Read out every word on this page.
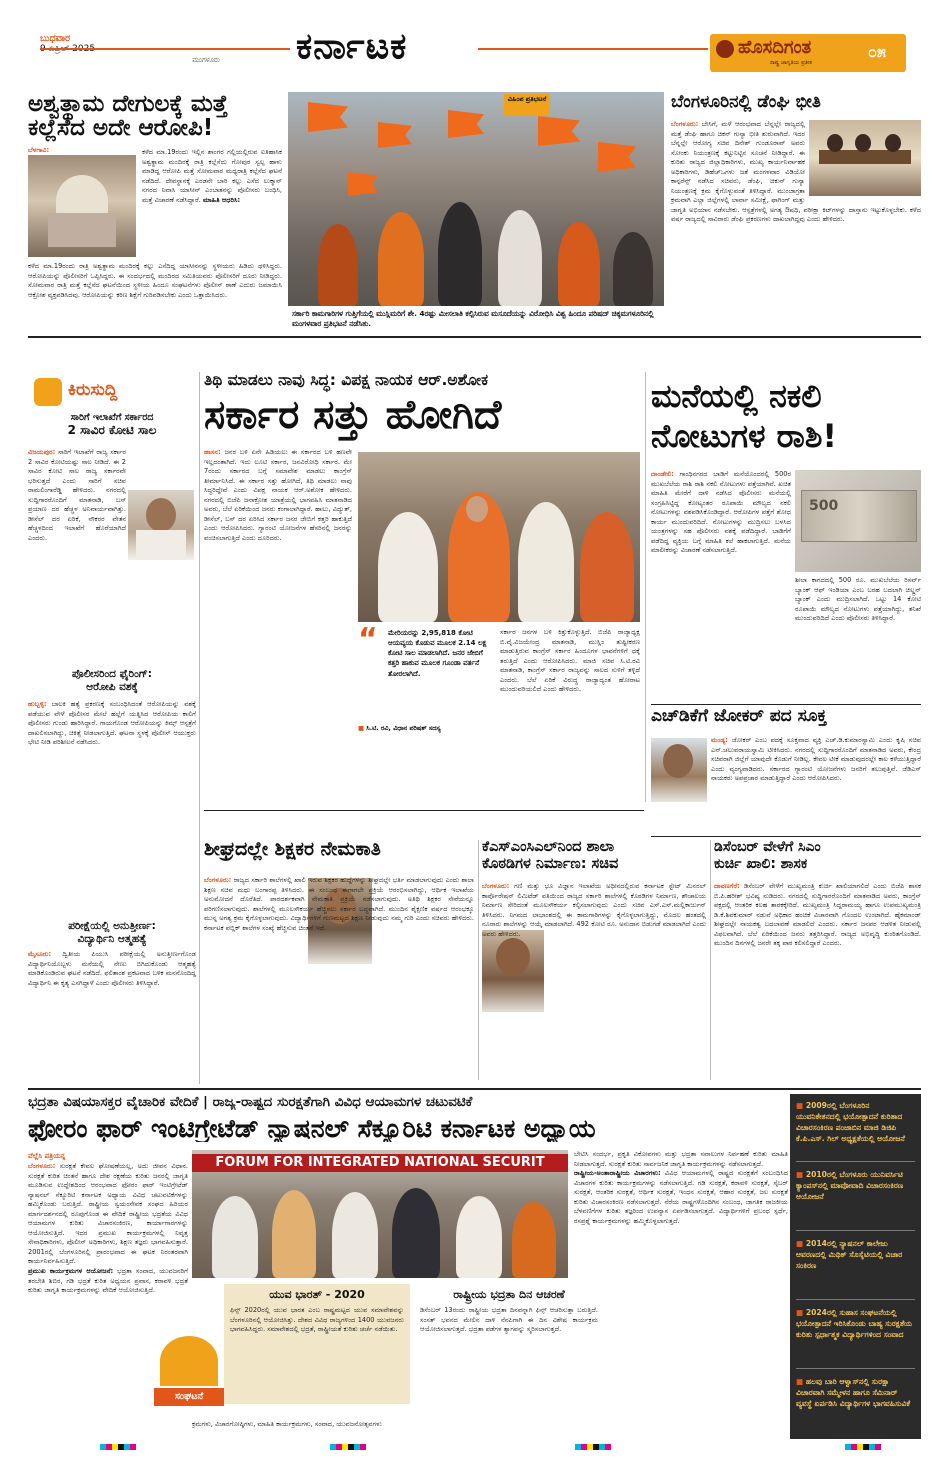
ಬುಧವಾರ
ಮಂಗಳೂರು ಕರ್ನಾಟಕ	ಹೊಸದಿಗಂತ
ರಾಷ್ಟ್ರ ಜಾಗೃತಿಯ ಪ್ರತೀಕ
೦೫
ಅಶ್ವತ್ಥಾಮ ದೇಗುಲಕ್ಕೆ ಮತ್ತೆ
ಕಲ್ಲೆಸೆದ ಅದೇ ಆರೋಪಿ!
ಬೆಳಗಾವಿ:	ಕಳೆದ ಮಾ.19ರಂದು ಇಲ್ಲಿನ ಶಾಂಗರ ಗಲ್ಲಿಯಲ್ಲಿರುವ ಐತಿಹಾಸಿಕ ಅಶ್ವತ್ಥಾಮ ಮಂದಿರಕ್ಕೆ ರಾತ್ರಿ ಕಲ್ಲೆಸೆದು ಗೋಪುರ ಸ್ವಲ್ಪ ಹಾಳು ಮಾಡಿದ್ದ ಆರೋಪಿ ಮತ್ತೆ ಸೋಮವಾರ ಮಧ್ಯರಾತ್ರಿ ಕಲ್ಲೆಸೆದ ಘಟನೆ ನಡೆದಿದೆ. ದೇವಸ್ಥಾನಕ್ಕೆ ಎರಡನೇ ಬಾರಿ ಕಲ್ಲು ಎಸೆದ ಲುಕ್ಮಾನ್ ನಗರದ ನಿವಾಸಿ ಯಾಸೀನ್ ಎಂಬಾತನನ್ನು ಪೊಲೀಸರು ಬಂಧಿಸಿ, ಮತ್ತೆ ವಿಚಾರಣೆ ನಡೆಸಿದ್ದಾರೆ. ಮಾಹಿತಿ ಆಧರಿಸಿ:
ಕಳೆದ ಮಾ.19ರಂದು ರಾತ್ರಿ ಅಶ್ವತ್ಥಾಮ ಮಂದಿರಕ್ಕೆ ಕಲ್ಲು ಎಸೆದಿದ್ದ ಯಾಸೀನನನ್ನು ಸ್ಥಳೀಯರು ಹಿಡಿದು ಥಳಿಸಿದ್ದರು. ಆರೋಪಿಯನ್ನು ಪೊಲೀಸರಿಗೆ ಒಪ್ಪಿಸಿದ್ದರು. ಈ ಸಂದರ್ಭದಲ್ಲಿ ಮಂದಿರದ ಸಮಿತಿಯವರು ಪೊಲೀಸರಿಗೆ ದೂರು ನೀಡಿದ್ದರು. ಸೋಮವಾರ ರಾತ್ರಿ ಮತ್ತೆ ಕಲ್ಲೆಸೆದ ಘಟನೆಯಿಂದ ಸ್ಥಳೀಯ ಹಿಂದೂ ಸಂಘಟನೆಗಳು ಪೊಲೀಸ್ ಠಾಣೆ ಎದುರು ಜಮಾಯಿಸಿ ಆಕ್ರೋಶ ವ್ಯಕ್ತಪಡಿಸಿದವು. ಆರೋಪಿಯನ್ನು ಕಠಿಣ ಶಿಕ್ಷೆಗೆ ಗುರಿಪಡಿಸಬೇಕು ಎಂದು ಒತ್ತಾಯಿಸಿದರು.
ವಿಹಿಂಪ ಪ್ರತಿಭಟನೆ
ಸರ್ಕಾರಿ ಕಾಮಗಾರಿಗಳ ಗುತ್ತಿಗೆಯಲ್ಲಿ ಮುಸ್ಲಿಮರಿಗೆ ಶೇ. 4ರಷ್ಟು ಮೀಸಲಾತಿ ಕಲ್ಪಿಸಿರುವ ಮಸೂದೆಯನ್ನು ವಿರೋಧಿಸಿ ವಿಶ್ವ ಹಿಂದೂ ಪರಿಷದ್ ಚಿಕ್ಕಮಗಳೂರಿನಲ್ಲಿ ಮಂಗಳವಾರ ಪ್ರತಿಭಟನೆ ನಡೆಸಿತು.
ಬೆಂಗಳೂರಿನಲ್ಲಿ ಡೆಂಘಿ ಭೀತಿ
ಬೆಂಗಳೂರು: ಬೇಸಿಗೆ, ಮಳೆ ಆರಂಭವಾದ ಬೆನ್ನಲ್ಲೇ ರಾಜ್ಯದಲ್ಲಿ ಮತ್ತೆ ಡೆಂಘಿ ಹಾಗೂ ಚಿಕನ್ ಗುನ್ಯಾ ಭೀತಿ ಶುರುವಾಗಿದೆ. ಇದರ ಬೆನ್ನಲ್ಲೇ ಆರೋಗ್ಯ ಸಚಿವ ದಿನೇಶ್ ಗುಂಡೂರಾವ್ ಅವರು ಸೋಂಕು ನಿಯಂತ್ರಣಕ್ಕೆ ಕಟ್ಟುನಿಟ್ಟಿನ ಸೂಚನೆ ನೀಡಿದ್ದಾರೆ. ಈ ಕುರಿತು ರಾಜ್ಯದ ಜಿಲ್ಲಾಧಿಕಾರಿಗಳು, ಮುಖ್ಯ ಕಾರ್ಯನಿರ್ವಾಹಕ ಅಧಿಕಾರಿಗಳು, ಡಿಹೆಚ್‌ಒಗಳು ಜತೆ ಮಂಗಳವಾರ ವಿಡಿಯೋ ಕಾನ್ಫರೆನ್ಸ್ ನಡೆಸಿದ ಸಚಿವರು, ಡೆಂಘಿ, ಚಿಕುನ್ ಗುನ್ಯಾ ನಿಯಂತ್ರಣಕ್ಕೆ ಕ್ರಮ ಕೈಗೊಳ್ಳುವಂತೆ ತಿಳಿಸಿದ್ದಾರೆ. ಮುಂಜಾಗ್ರತಾ ಕ್ರಮವಾಗಿ ಎಲ್ಲಾ ಜಿಲ್ಲೆಗಳಲ್ಲಿ ಲಾರ್ವಾ ಸಮೀಕ್ಷೆ, ಫಾಗಿಂಗ್ ಮತ್ತು ಜಾಗೃತಿ ಅಭಿಯಾನ ನಡೆಸಬೇಕು. ಆಸ್ಪತ್ರೆಗಳಲ್ಲಿ ಅಗತ್ಯ ಔಷಧಿ, ಪರೀಕ್ಷಾ ಕಿಟ್‌ಗಳನ್ನು ದಾಸ್ತಾನು ಇಟ್ಟುಕೊಳ್ಳಬೇಕು. ಕಳೆದ ವರ್ಷ ರಾಜ್ಯದಲ್ಲಿ ಸಾವಿರಾರು ಡೆಂಘಿ ಪ್ರಕರಣಗಳು ದಾಖಲಾಗಿದ್ದವು ಎಂದು ಹೇಳಿದರು.
ಕಿರುಸುದ್ದಿ
ಸಾರಿಗೆ ಇಲಾಖೆಗೆ ಸರ್ಕಾರದ
2 ಸಾವಿರ ಕೋಟಿ ಸಾಲ
ವಿಜಯಪುರ: ಸಾರಿಗೆ ಇಲಾಖೆಗೆ ರಾಜ್ಯ ಸರ್ಕಾರ 2 ಸಾವಿರ ಕೋಟಿಯಷ್ಟು ಸಾಲ ನೀಡಿದೆ. ಈ 2 ಸಾವಿರ ಕೋಟಿ ಸಾಲ ರಾಜ್ಯ ಸರ್ಕಾರವೇ ಭರಿಸುತ್ತದೆ ಎಂದು ಸಾರಿಗೆ ಸಚಿವ ರಾಮಲಿಂಗಾರೆಡ್ಡಿ ಹೇಳಿದರು. ನಗರದಲ್ಲಿ ಸುದ್ದಿಗಾರರೊಂದಿಗೆ ಮಾತನಾಡಿ, ಬಸ್ ಪ್ರಯಾಣ ದರ ಹೆಚ್ಚಳ ಅನಿವಾರ್ಯವಾಗಿತ್ತು. ಡೀಸೆಲ್ ದರ ಏರಿಕೆ, ನೌಕರರ ವೇತನ ಹೆಚ್ಚಳದಿಂದ ಇಲಾಖೆಗೆ ಹೊರೆಯಾಗಿದೆ ಎಂದರು.
ಪೊಲೀಸರಿಂದ ಫೈರಿಂಗ್:
ಆರೋಪಿ ವಶಕ್ಕೆ
ಹುಬ್ಬಳ್ಳಿ: ಬಾಲಕಿ ಹತ್ಯೆ ಪ್ರಕರಣಕ್ಕೆ ಸಂಬಂಧಿಸಿದಂತೆ ಆರೋಪಿಯನ್ನು ವಶಕ್ಕೆ ಪಡೆಯುವ ವೇಳೆ ಪೊಲೀಸರ ಮೇಲೆ ಹಲ್ಲೆಗೆ ಯತ್ನಿಸಿದ ಆರೋಪಿಯ ಕಾಲಿಗೆ ಪೊಲೀಸರು ಗುಂಡು ಹಾರಿಸಿದ್ದಾರೆ. ಗಾಯಗೊಂಡ ಆರೋಪಿಯನ್ನು ಕಿಮ್ಸ್ ಆಸ್ಪತ್ರೆಗೆ ದಾಖಲಿಸಲಾಗಿದ್ದು, ಚಿಕಿತ್ಸೆ ನೀಡಲಾಗುತ್ತಿದೆ. ಘಟನಾ ಸ್ಥಳಕ್ಕೆ ಪೊಲೀಸ್ ಆಯುಕ್ತರು ಭೇಟಿ ನೀಡಿ ಪರಿಶೀಲನೆ ನಡೆಸಿದರು.
ಪರೀಕ್ಷೆಯಲ್ಲಿ ಅನುತ್ತೀರ್ಣ:
ವಿದ್ಯಾರ್ಥಿನಿ ಆತ್ಮಹತ್ಯೆ
ಮೈಸೂರು: ದ್ವಿತೀಯ ಪಿಯುಸಿ ಪರೀಕ್ಷೆಯಲ್ಲಿ ಅನುತ್ತೀರ್ಣಗೊಂಡ ವಿದ್ಯಾರ್ಥಿನಿಯೊಬ್ಬಳು ಮನೆಯಲ್ಲಿ ನೇಣು ಬಿಗಿದುಕೊಂಡು ಆತ್ಮಹತ್ಯೆ ಮಾಡಿಕೊಂಡಿರುವ ಘಟನೆ ನಡೆದಿದೆ. ಫಲಿತಾಂಶ ಪ್ರಕಟವಾದ ಬಳಿಕ ಮನನೊಂದಿದ್ದ ವಿದ್ಯಾರ್ಥಿನಿ ಈ ಕೃತ್ಯ ಎಸಗಿದ್ದಾಳೆ ಎಂದು ಪೊಲೀಸರು ತಿಳಿಸಿದ್ದಾರೆ.
ತಿಥಿ ಮಾಡಲು ನಾವು ಸಿದ್ಧ: ವಿಪಕ್ಷ ನಾಯಕ ಆರ್.ಅಶೋಕ
ಸರ್ಕಾರ ಸತ್ತು ಹೋಗಿದೆ
ಹಾಸನ: ಜನರ ಬಳಿ ಏನೇ ಹಿಡಿಯಲು ಈ ಸರ್ಕಾರದ ಬಳಿ ಹಣವೇ ಇಲ್ಲದಂತಾಗಿದೆ. ಇದು ಲೂಟಿ ಸರ್ಕಾರ, ಜನವಿರೋಧಿ ಸರ್ಕಾರ. ಮೇ 7ರಂದು ಸರ್ಕಾರದ ಬಗ್ಗೆ ಸಮಾವೇಶ ಮಾಡಲು ಕಾಂಗ್ರೆಸ್ ತೀರ್ಮಾನಿಸಿದೆ. ಈ ಸರ್ಕಾರ ಸತ್ತು ಹೋಗಿದೆ, ತಿಥಿ ಮಾಡಲು ನಾವು ಸಿದ್ಧರಿದ್ದೇವೆ ಎಂದು ವಿಪಕ್ಷ ನಾಯಕ ಆರ್.ಅಶೋಕ ಹೇಳಿದರು. ನಗರದಲ್ಲಿ ಬಿಜೆಪಿ ಜನಾಕ್ರೋಶ ಯಾತ್ರೆಯಲ್ಲಿ ಭಾಗವಹಿಸಿ ಮಾತನಾಡಿದ ಅವರು, ಬೆಲೆ ಏರಿಕೆಯಿಂದ ಜನರು ಕಂಗಾಲಾಗಿದ್ದಾರೆ. ಹಾಲು, ವಿದ್ಯುತ್, ಡೀಸೆಲ್, ಬಸ್ ದರ ಏರಿಸಿದ ಸರ್ಕಾರ ಜನರ ಜೇಬಿಗೆ ಕತ್ತರಿ ಹಾಕುತ್ತಿದೆ ಎಂದು ಆರೋಪಿಸಿದರು. ಗ್ಯಾರಂಟಿ ಯೋಜನೆಗಳ ಹೆಸರಿನಲ್ಲಿ ಜನರನ್ನು ವಂಚಿಸಲಾಗುತ್ತಿದೆ ಎಂದು ದೂರಿದರು.
“	ಮೇರಿಯರನ್ನು 2,95,818 ಕೋಟಿ ಆಯವ್ಯಯ ಕೊಡುವ ಮೂಲಕ 2.14 ಲಕ್ಷ ಕೋಟಿ ಸಾಲ ಮಾಡಲಾಗಿದೆ. ಜನರ ಜೇಬಿಗೆ ಕತ್ತರಿ ಹಾಕುವ ಮೂಲಕ ಗೂಂಡಾ ವರ್ತನೆ ತೋರಲಾಗಿದೆ.
■ ಸಿ.ಟಿ. ರವಿ, ವಿಧಾನ ಪರಿಷತ್ ಸದಸ್ಯ
ಸರ್ಕಾರ ಜನಗಳ ಬಳಿ ಕಿತ್ತುಕೊಳ್ಳುತ್ತಿದೆ. ಬಿಜೆಪಿ ರಾಜ್ಯಾಧ್ಯಕ್ಷ ಬಿ.ವೈ.ವಿಜಯೇಂದ್ರ ಮಾತನಾಡಿ, ಮುಸ್ಲಿಂ ತುಷ್ಟೀಕರಣ ಮಾಡುತ್ತಿರುವ ಕಾಂಗ್ರೆಸ್ ಸರ್ಕಾರ ಹಿಂದೂಗಳ ಭಾವನೆಗಳಿಗೆ ಧಕ್ಕೆ ತರುತ್ತಿದೆ ಎಂದು ಆರೋಪಿಸಿದರು. ಮಾಜಿ ಸಚಿವ ಸಿ.ಟಿ.ರವಿ ಮಾತನಾಡಿ, ಕಾಂಗ್ರೆಸ್ ಸರ್ಕಾರ ರಾಜ್ಯವನ್ನು ಸಾಲದ ಸುಳಿಗೆ ತಳ್ಳಿದೆ ಎಂದರು. ಬೆಲೆ ಏರಿಕೆ ವಿರುದ್ಧ ರಾಜ್ಯಾದ್ಯಂತ ಹೋರಾಟ ಮುಂದುವರಿಯಲಿದೆ ಎಂದು ಹೇಳಿದರು.
ಮನೆಯಲ್ಲಿ ನಕಲಿ
ನೋಟುಗಳ ರಾಶಿ!
500
ದಾಂಡೇಲಿ: ಗಾಂಧಿನಗರದ ಬಾಡಿಗೆ ಮನೆಯೊಂದರಲ್ಲಿ 500ರ ಮುಖಬೆಲೆಯ ರಾಶಿ ರಾಶಿ ನಕಲಿ ನೋಟುಗಳು ಪತ್ತೆಯಾಗಿವೆ. ಖಚಿತ ಮಾಹಿತಿ ಮೇರೆಗೆ ದಾಳಿ ನಡೆಸಿದ ಪೊಲೀಸರು ಮನೆಯಲ್ಲಿ ಸಂಗ್ರಹಿಸಿಟ್ಟಿದ್ದ ಕೋಟ್ಯಂತರ ರೂಪಾಯಿ ಮೌಲ್ಯದ ನಕಲಿ ನೋಟುಗಳನ್ನು ವಶಪಡಿಸಿಕೊಂಡಿದ್ದಾರೆ. ಆರೋಪಿಗಳ ಪತ್ತೆಗೆ ಶೋಧ ಕಾರ್ಯ ಮುಂದುವರಿದಿದೆ. ನೋಟುಗಳನ್ನು ಮುದ್ರಿಸಲು ಬಳಸಿದ ಯಂತ್ರಗಳನ್ನು ಸಹ ಪೊಲೀಸರು ವಶಕ್ಕೆ ಪಡೆದಿದ್ದಾರೆ. ಬಾಡಿಗೆಗೆ ಪಡೆದಿದ್ದ ವ್ಯಕ್ತಿಯ ಬಗ್ಗೆ ಮಾಹಿತಿ ಕಲೆ ಹಾಕಲಾಗುತ್ತಿದೆ. ಮನೆಯ ಮಾಲೀಕರನ್ನು ವಿಚಾರಣೆ ನಡೆಸಲಾಗುತ್ತಿದೆ.
ಶೀಲಾ ಕಾಗದದಲ್ಲಿ 500 ರೂ. ಮುಖಬೆಲೆಯ ರಿಸರ್ವ್ ಬ್ಯಾಂಕ್ ಆಫ್ ಇಂಡಿಯಾ ಎಂಬ ಬರಹ ಬದಲಾಗಿ ಚಿಲ್ಡ್ರನ್ ಬ್ಯಾಂಕ್ ಎಂದು ಮುದ್ರಿಸಲಾಗಿದೆ. ಒಟ್ಟು 14 ಕೋಟಿ ರೂಪಾಯಿ ಮೌಲ್ಯದ ನೋಟುಗಳು ಪತ್ತೆಯಾಗಿದ್ದು, ತನಿಖೆ ಮುಂದುವರಿದಿದೆ ಎಂದು ಪೊಲೀಸರು ತಿಳಿಸಿದ್ದಾರೆ.
ಎಚ್‌ಡಿಕೆಗೆ ಜೋಕರ್ ಪದ ಸೂಕ್ತ
ಮಂಡ್ಯ: ಜೋಕರ್ ಎಂಬ ಪದಕ್ಕೆ ಸೂಕ್ತವಾದ ವ್ಯಕ್ತಿ ಎಚ್.ಡಿ.ಕುಮಾರಸ್ವಾಮಿ ಎಂದು ಕೃಷಿ ಸಚಿವ ಎನ್.ಚಲುವರಾಯಸ್ವಾಮಿ ಟೀಕಿಸಿದರು. ನಗರದಲ್ಲಿ ಸುದ್ದಿಗಾರರೊಂದಿಗೆ ಮಾತನಾಡಿದ ಅವರು, ಕೇಂದ್ರ ಸಚಿವರಾಗಿ ಜಿಲ್ಲೆಗೆ ಯಾವುದೇ ಕೊಡುಗೆ ನೀಡಿಲ್ಲ. ಕೇವಲ ಟೀಕೆ ಮಾಡುವುದರಲ್ಲೇ ಕಾಲ ಕಳೆಯುತ್ತಿದ್ದಾರೆ ಎಂದು ವ್ಯಂಗ್ಯವಾಡಿದರು. ಸರ್ಕಾರದ ಗ್ಯಾರಂಟಿ ಯೋಜನೆಗಳು ಜನರಿಗೆ ತಲುಪುತ್ತಿವೆ. ಜೆಡಿಎಸ್ ನಾಯಕರು ಅಪಪ್ರಚಾರ ಮಾಡುತ್ತಿದ್ದಾರೆ ಎಂದು ಆರೋಪಿಸಿದರು.
ಶೀಘ್ರದಲ್ಲೇ ಶಿಕ್ಷಕರ ನೇಮಕಾತಿ
ಬೆಂಗಳೂರು: ರಾಜ್ಯದ ಸರ್ಕಾರಿ ಶಾಲೆಗಳಲ್ಲಿ ಖಾಲಿ ಇರುವ ಶಿಕ್ಷಕರ ಹುದ್ದೆಗಳನ್ನು ಶೀಘ್ರದಲ್ಲೇ ಭರ್ತಿ ಮಾಡಲಾಗುವುದು ಎಂದು ಶಾಲಾ ಶಿಕ್ಷಣ ಸಚಿವ ಮಧು ಬಂಗಾರಪ್ಪ ತಿಳಿಸಿದರು. ಈ ಸಂಬಂಧ ಈಗಾಗಲೇ ಪ್ರಕ್ರಿಯೆ ಆರಂಭಿಸಲಾಗಿದ್ದು, ಆರ್ಥಿಕ ಇಲಾಖೆಯ ಅನುಮೋದನೆ ದೊರೆತಿದೆ. ಪಾರದರ್ಶಕವಾಗಿ ನೇಮಕಾತಿ ಪ್ರಕ್ರಿಯೆ ನಡೆಸಲಾಗುವುದು. ಅತಿಥಿ ಶಿಕ್ಷಕರ ಸೇವೆಯನ್ನೂ ಪರಿಗಣಿಸಲಾಗುವುದು. ಶಾಲೆಗಳಲ್ಲಿ ಮೂಲಸೌಕರ್ಯ ಹೆಚ್ಚಿಸಲು ಸರ್ಕಾರ ಬದ್ಧವಾಗಿದೆ. ಮುಂದಿನ ಶೈಕ್ಷಣಿಕ ವರ್ಷದ ಆರಂಭಕ್ಕೂ ಮುನ್ನ ಅಗತ್ಯ ಕ್ರಮ ಕೈಗೊಳ್ಳಲಾಗುವುದು. ವಿದ್ಯಾರ್ಥಿಗಳಿಗೆ ಗುಣಮಟ್ಟದ ಶಿಕ್ಷಣ ನೀಡುವುದು ನಮ್ಮ ಗುರಿ ಎಂದು ಸಚಿವರು ಹೇಳಿದರು. ಕರ್ನಾಟಕ ಪಬ್ಲಿಕ್ ಶಾಲೆಗಳ ಸಂಖ್ಯೆ ಹೆಚ್ಚಿಸುವ ಚಿಂತನೆ ಇದೆ.
ಕೆಎಸ್‌ಎಂಸಿಎಲ್‌ನಿಂದ ಶಾಲಾ
ಕೊಠಡಿಗಳ ನಿರ್ಮಾಣ: ಸಚಿವ
ಬೆಂಗಳೂರು: ಗಣಿ ಮತ್ತು ಭೂ ವಿಜ್ಞಾನ ಇಲಾಖೆಯ ಅಧೀನದಲ್ಲಿರುವ ಕರ್ನಾಟಕ ಸ್ಟೇಟ್ ಮಿನರಲ್ ಕಾರ್ಪೊರೇಷನ್ ಲಿಮಿಟೆಡ್ ವತಿಯಿಂದ ರಾಜ್ಯದ ಸರ್ಕಾರಿ ಶಾಲೆಗಳಲ್ಲಿ ಕೊಠಡಿಗಳ ನಿರ್ಮಾಣ, ಶೌಚಾಲಯ ನಿರ್ಮಾಣ ಸೇರಿದಂತೆ ಮೂಲಸೌಕರ್ಯ ಕಲ್ಪಿಸಲಾಗುವುದು ಎಂದು ಸಚಿವ ಎಸ್.ಎಸ್.ಮಲ್ಲಿಕಾರ್ಜುನ್ ತಿಳಿಸಿದರು. ನಿಗಮದ ಲಾಭಾಂಶದಲ್ಲಿ ಈ ಕಾಮಗಾರಿಗಳನ್ನು ಕೈಗೊಳ್ಳಲಾಗುತ್ತಿದ್ದು, ಮೊದಲ ಹಂತದಲ್ಲಿ ನೂರಾರು ಶಾಲೆಗಳನ್ನು ಆಯ್ಕೆ ಮಾಡಲಾಗಿದೆ. 492 ಕೋಟಿ ರೂ. ಅನುದಾನ ಬಿಡುಗಡೆ ಮಾಡಲಾಗಿದೆ ಎಂದು ಅವರು ಹೇಳಿದರು.
ಡಿಸೆಂಬರ್ ವೇಳೆಗೆ ಸಿಎಂ
ಕುರ್ಚಿ ಖಾಲಿ: ಶಾಸಕ
ದಾವಣಗೆರೆ: ಡಿಸೆಂಬರ್ ವೇಳೆಗೆ ಮುಖ್ಯಮಂತ್ರಿ ಕುರ್ಚಿ ಖಾಲಿಯಾಗಲಿದೆ ಎಂದು ಬಿಜೆಪಿ ಶಾಸಕ ಬಿ.ಪಿ.ಹರೀಶ್ ಭವಿಷ್ಯ ನುಡಿದರು. ನಗರದಲ್ಲಿ ಸುದ್ದಿಗಾರರೊಂದಿಗೆ ಮಾತನಾಡಿದ ಅವರು, ಕಾಂಗ್ರೆಸ್ ಪಕ್ಷದಲ್ಲಿ ಆಂತರಿಕ ಕಲಹ ತಾರಕಕ್ಕೇರಿದೆ. ಮುಖ್ಯಮಂತ್ರಿ ಸಿದ್ದರಾಮಯ್ಯ ಹಾಗೂ ಉಪಮುಖ್ಯಮಂತ್ರಿ ಡಿ.ಕೆ.ಶಿವಕುಮಾರ್ ನಡುವೆ ಅಧಿಕಾರ ಹಂಚಿಕೆ ವಿಚಾರವಾಗಿ ಗೊಂದಲ ಉಂಟಾಗಿದೆ. ಹೈಕಮಾಂಡ್ ಶೀಘ್ರದಲ್ಲೇ ನಾಯಕತ್ವ ಬದಲಾವಣೆ ಮಾಡಲಿದೆ ಎಂದರು. ಸರ್ಕಾರ ಜನಪರ ಆಡಳಿತ ನೀಡುವಲ್ಲಿ ವಿಫಲವಾಗಿದೆ. ಬೆಲೆ ಏರಿಕೆಯಿಂದ ಜನರು ತತ್ತರಿಸಿದ್ದಾರೆ. ರಾಜ್ಯದ ಅಭಿವೃದ್ಧಿ ಕುಂಠಿತಗೊಂಡಿದೆ. ಮುಂದಿನ ದಿನಗಳಲ್ಲಿ ಜನರೇ ತಕ್ಕ ಪಾಠ ಕಲಿಸಲಿದ್ದಾರೆ ಎಂದರು.
ಭದ್ರತಾ ವಿಷಯಾಸಕ್ತರ ವೈಚಾರಿಕ ವೇದಿಕೆ | ರಾಜ್ಯ-ರಾಷ್ಟ್ರದ ಸುರಕ್ಷತೆಗಾಗಿ ವಿವಿಧ ಆಯಾಮಗಳ ಚಟುವಟಿಕೆ
ಫೋರಂ ಫಾರ್ ಇಂಟಿಗ್ರೇಟೆಡ್ ನ್ಯಾಷನಲ್ ಸೆಕ್ಯೂರಿಟಿ ಕರ್ನಾಟಕ ಅಧ್ಯಾಯ
ವೆಲ್ಲೆಸಿ ಪತ್ರಿಯನ್ನ
ಬೆಂಗಳೂರು: ಸುರಕ್ಷತೆ ಕೇವಲ ಘೋಷಣೆಯಲ್ಲ, ಅದು ಜೀವನ ವಿಧಾನ. ಸುರಕ್ಷತೆ ಕುರಿತ ಚಿಂತನೆ ಹಾಗೂ ದೇಶ ರಕ್ಷಣೆಯ ಕುರಿತು ಜನರಲ್ಲಿ ಜಾಗೃತಿ ಮೂಡಿಸುವ ಉದ್ದೇಶದಿಂದ ಆರಂಭವಾದ ಫೋರಂ ಫಾರ್ ಇಂಟಿಗ್ರೇಟೆಡ್ ನ್ಯಾಷನಲ್ ಸೆಕ್ಯೂರಿಟಿ ಕರ್ನಾಟಕ ಅಧ್ಯಾಯ ವಿವಿಧ ಚಟುವಟಿಕೆಗಳನ್ನು ಹಮ್ಮಿಕೊಂಡು ಬರುತ್ತಿದೆ. ರಾಷ್ಟ್ರೀಯ ಸ್ವಯಂಸೇವಕ ಸಂಘದ ಹಿರಿಯರ ಮಾರ್ಗದರ್ಶನದಲ್ಲಿ ರೂಪುಗೊಂಡ ಈ ವೇದಿಕೆ ರಾಷ್ಟ್ರೀಯ ಭದ್ರತೆಯ ವಿವಿಧ ಆಯಾಮಗಳ ಕುರಿತು ವಿಚಾರಸಂಕಿರಣ, ಕಾರ್ಯಾಗಾರಗಳನ್ನು ಆಯೋಜಿಸುತ್ತಿದೆ. ಇದರ ಪ್ರಮುಖ ಕಾರ್ಯಕ್ರಮಗಳಲ್ಲಿ ನಿವೃತ್ತ ಸೇನಾಧಿಕಾರಿಗಳು, ಪೊಲೀಸ್ ಅಧಿಕಾರಿಗಳು, ಶಿಕ್ಷಣ ತಜ್ಞರು ಭಾಗವಹಿಸುತ್ತಾರೆ. 2001ರಲ್ಲಿ ಬೆಂಗಳೂರಿನಲ್ಲಿ ಪ್ರಾರಂಭವಾದ ಈ ಘಟಕ ನಿರಂತರವಾಗಿ ಕಾರ್ಯನಿರ್ವಹಿಸುತ್ತಿದೆ.
ಪ್ರಮುಖ ಕಾರ್ಯಕ್ರಮಗಳ ಆಯೋಜನೆ: ಭದ್ರತಾ ಸಂವಾದ, ಯುವಜನರಿಗೆ ತರಬೇತಿ ಶಿಬಿರ, ಗಡಿ ಭದ್ರತೆ ಕುರಿತ ಅಧ್ಯಯನ ಪ್ರವಾಸ, ಕರಾವಳಿ ಭದ್ರತೆ ಕುರಿತು ಜಾಗೃತಿ ಕಾರ್ಯಕ್ರಮಗಳನ್ನು ವೇದಿಕೆ ಆಯೋಜಿಸುತ್ತಿದೆ.
FORUM FOR INTEGRATED NATIONAL SECURIT
ಯುವ ಭಾರತ್ - 2020
ಫಿನ್ಸ್ 2020ರಲ್ಲಿ ಯುವ ಭಾರತ ಎಂಬ ರಾಷ್ಟ್ರಮಟ್ಟದ ಯುವ ಸಮಾವೇಶವನ್ನು ಬೆಂಗಳೂರಿನಲ್ಲಿ ಆಯೋಜಿಸಿತ್ತು. ದೇಶದ ವಿವಿಧ ರಾಜ್ಯಗಳಿಂದ 1400 ಯುವಜನರು ಭಾಗವಹಿಸಿದ್ದರು. ಸಮಾವೇಶದಲ್ಲಿ ಭದ್ರತೆ, ರಾಷ್ಟ್ರೀಯತೆ ಕುರಿತು ಚರ್ಚೆ ನಡೆಯಿತು.
ಸಂಘಟನೆ
ರಾಷ್ಟ್ರೀಯ ಭದ್ರತಾ ದಿನ ಆಚರಣೆ
ಡಿಸೆಂಬರ್ 13ರಂದು ರಾಷ್ಟ್ರೀಯ ಭದ್ರತಾ ದಿನವನ್ನಾಗಿ ಫಿನ್ಸ್ ಆಚರಿಸುತ್ತಾ ಬರುತ್ತಿದೆ. ಸಂಸತ್ ಭವನದ ಮೇಲಿನ ದಾಳಿ ನೆನಪಿಗಾಗಿ ಈ ದಿನ ವಿಶೇಷ ಕಾರ್ಯಕ್ರಮ ಆಯೋಜಿಸಲಾಗುತ್ತದೆ. ಭದ್ರತಾ ಪಡೆಗಳ ತ್ಯಾಗವನ್ನು ಸ್ಮರಿಸಲಾಗುತ್ತದೆ.
ಬೇಟಿಸಿ ಸಂದರ್ಭ, ಪ್ರಕೃತಿ ವಿಕೋಪಗಳು ಮತ್ತು ಭದ್ರತಾ ಸವಾಲುಗಳ ನಿರ್ವಹಣೆ ಕುರಿತು ಮಾಹಿತಿ ನೀಡಲಾಗುತ್ತದೆ. ಸುರಕ್ಷತೆ ಕುರಿತು ಸಾರ್ವಜನಿಕ ಜಾಗೃತಿ ಕಾರ್ಯಕ್ರಮಗಳನ್ನು ನಡೆಸಲಾಗುತ್ತದೆ.
ರಾಷ್ಟ್ರೀಯ-ಅಂತಾರಾಷ್ಟ್ರೀಯ ವಿಚಾರಗಳು: ವಿವಿಧ ಆಯಾಮಗಳಲ್ಲಿ ರಾಷ್ಟ್ರದ ಸುರಕ್ಷತೆಗೆ ಸಂಬಂಧಿಸಿದ ವಿಚಾರಗಳ ಕುರಿತು ಕಾರ್ಯಕ್ರಮಗಳನ್ನು ನಡೆಸಲಾಗುತ್ತಿದೆ. ಗಡಿ ಸುರಕ್ಷತೆ, ಕರಾವಳಿ ಸುರಕ್ಷತೆ, ಸೈಬರ್ ಸುರಕ್ಷತೆ, ಆಂತರಿಕ ಸುರಕ್ಷತೆ, ಆರ್ಥಿಕ ಸುರಕ್ಷತೆ, ಇಂಧನ ಸುರಕ್ಷತೆ, ಆಹಾರ ಸುರಕ್ಷತೆ, ಜಲ ಸುರಕ್ಷತೆ ಕುರಿತು ವಿಚಾರಸಂಕಿರಣ ನಡೆಸಲಾಗುತ್ತದೆ. ನೆರೆಯ ರಾಷ್ಟ್ರಗಳೊಂದಿಗಿನ ಸಂಬಂಧ, ಜಾಗತಿಕ ರಾಜಕೀಯ ಬೆಳವಣಿಗೆಗಳ ಕುರಿತು ತಜ್ಞರಿಂದ ಉಪನ್ಯಾಸ ಏರ್ಪಡಿಸಲಾಗುತ್ತದೆ. ವಿದ್ಯಾರ್ಥಿಗಳಿಗೆ ಪ್ರಬಂಧ ಸ್ಪರ್ಧೆ, ರಸಪ್ರಶ್ನೆ ಕಾರ್ಯಕ್ರಮಗಳನ್ನು ಹಮ್ಮಿಕೊಳ್ಳಲಾಗುತ್ತದೆ.
ಕ್ರಮಗಳು, ವಿಚಾರಗೋಷ್ಠಿಗಳು, ಮಾಹಿತಿ ಕಾರ್ಯಕ್ರಮಗಳು, ಸಂವಾದ, ಯುವಜನೋತ್ಸವಗಳು
■ 2009ರಲ್ಲಿ ಬೆಂಗಳೂರಿನ ಯುವನಿಕೇತನದಲ್ಲಿ ಭಯೋತ್ಪಾದನೆ ಕುರಿತಾದ ವಿಚಾರಸಂಕಿರಣ ಪಂಜಾಬಿನ ಮಾಜಿ ಡಿಜಿಪಿ ಕೆ.ಪಿ.ಎಸ್. ಗಿಲ್ ಅಧ್ಯಕ್ಷತೆಯಲ್ಲಿ ಆಯೋಜನೆ
■ 2010ರಲ್ಲಿ ಬೆಂಗಳೂರು ಯುನಿವರ್ಸಿಟಿ ಕ್ಯಾಂಪಸ್‌ನಲ್ಲಿ ಮಾವೋವಾದಿ ವಿಚಾರಸಂಕಿರಣ ಆಯೋಜನೆ
■ 2014ರಲ್ಲಿ ನ್ಯಾಷನಲ್ ಕಾಲೇಜು ಆವರಣದಲ್ಲಿ ಮಿಥಿಕ್ ಸೊಸೈಟಿಯಲ್ಲಿ ವಿಚಾರ ಸಂಕಿರಣ
■ 2024ರಲ್ಲಿ ಸುಹಾಸ ಸಂಘಟನೆಯಲ್ಲಿ ಭಯೋತ್ಪಾದನೆ ಇರಿಸಿಕೊಂಡು ಬಾಹ್ಯ ಸುರಕ್ಷತೆಯ ಕುರಿತು ಸ್ಪರ್ಧಾತ್ಮಕ ವಿದ್ಯಾರ್ಥಿಗಳಿಂದ ಸಂವಾದ
■ ಹಲವು ಬಾರಿ ಆಳ್ವಾಸ್‌ನಲ್ಲಿ ಸುರಕ್ಷಾ ವಿಚಾರವಾಗಿ ಸಮ್ಮೇಳನ ಹಾಗೂ ಸೆಮಿನಾರ್ ವ್ಯವಸ್ಥೆ ಏರ್ಪಡಿಸಿ ವಿದ್ಯಾರ್ಥಿಗಳ ಭಾಗವಹಿಸುವಿಕೆ
